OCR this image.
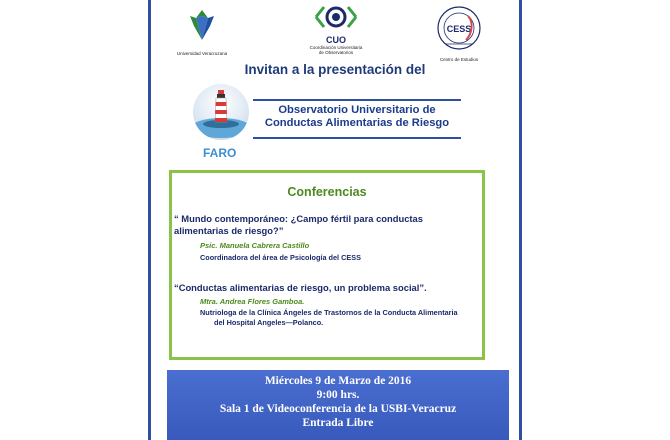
Universidad Veracruzana
CUO
Coordinación Universitaria
de Observatorios
CESS
Centro de Estudios
Invitan a la presentación del
FARO
Observatorio Universitario de
Conductas Alimentarias de Riesgo
Conferencias
“ Mundo contemporáneo: ¿Campo fértil para conductas alimentarias de riesgo?”
Psic. Manuela Cabrera Castillo
Coordinadora del área de Psicología del CESS
“Conductas alimentarias de riesgo, un problema social”.
Mtra. Andrea Flores Gamboa.
Nutriologa de la Clínica Ángeles de Trastornos de la Conducta Alimentaria
del Hospital Angeles—Polanco.
Miércoles 9 de Marzo de 2016
9:00 hrs.
Sala 1 de Videoconferencia de la USBI-Veracruz
Entrada Libre
